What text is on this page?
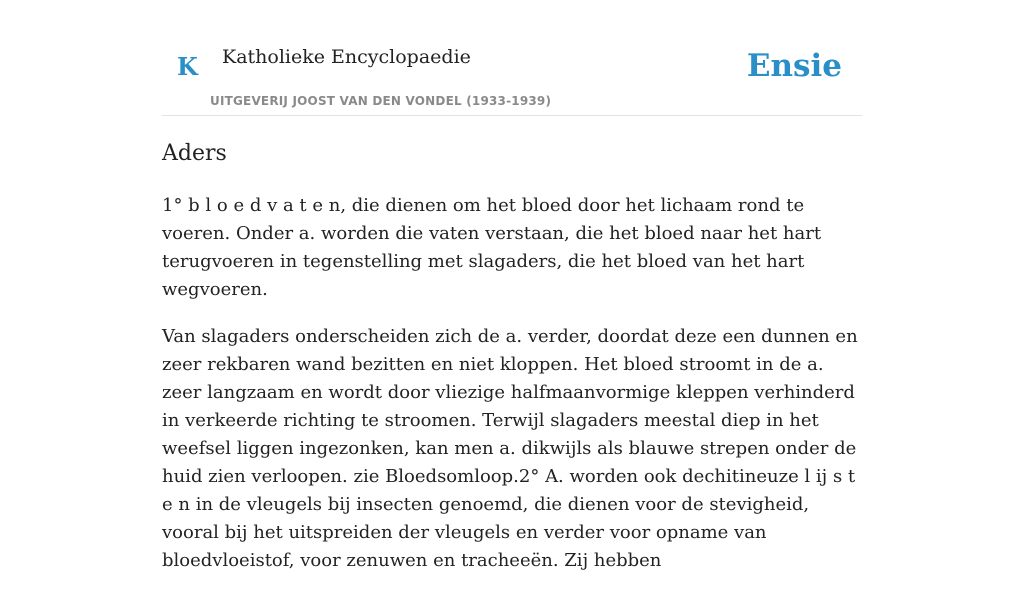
K Katholieke Encyclopaedie
UITGEVERIJ JOOST VAN DEN VONDEL (1933-1939)
Ensie
Aders

1° b l o e d v a t e n, die dienen om het bloed door het lichaam rond te voeren. Onder a. worden die vaten verstaan, die het bloed naar het hart terugvoeren in tegenstelling met slagaders, die het bloed van het hart wegvoeren.

Van slagaders onderscheiden zich de a. verder, doordat deze een dunnen en zeer rekbaren wand bezitten en niet kloppen. Het bloed stroomt in de a. zeer langzaam en wordt door vliezige halfmaanvormige kleppen verhinderd in verkeerde richting te stroomen. Terwijl slagaders meestal diep in het weefsel liggen ingezonken, kan men a. dikwijls als blauwe strepen onder de huid zien verloopen. zie Bloedsomloop.2° A. worden ook dechitineuze l ij s t e n in de vleugels bij insecten genoemd, die dienen voor de stevigheid, vooral bij het uitspreiden der vleugels en verder voor opname van bloedvloeistof, voor zenuwen en tracheeën. Zij hebben
